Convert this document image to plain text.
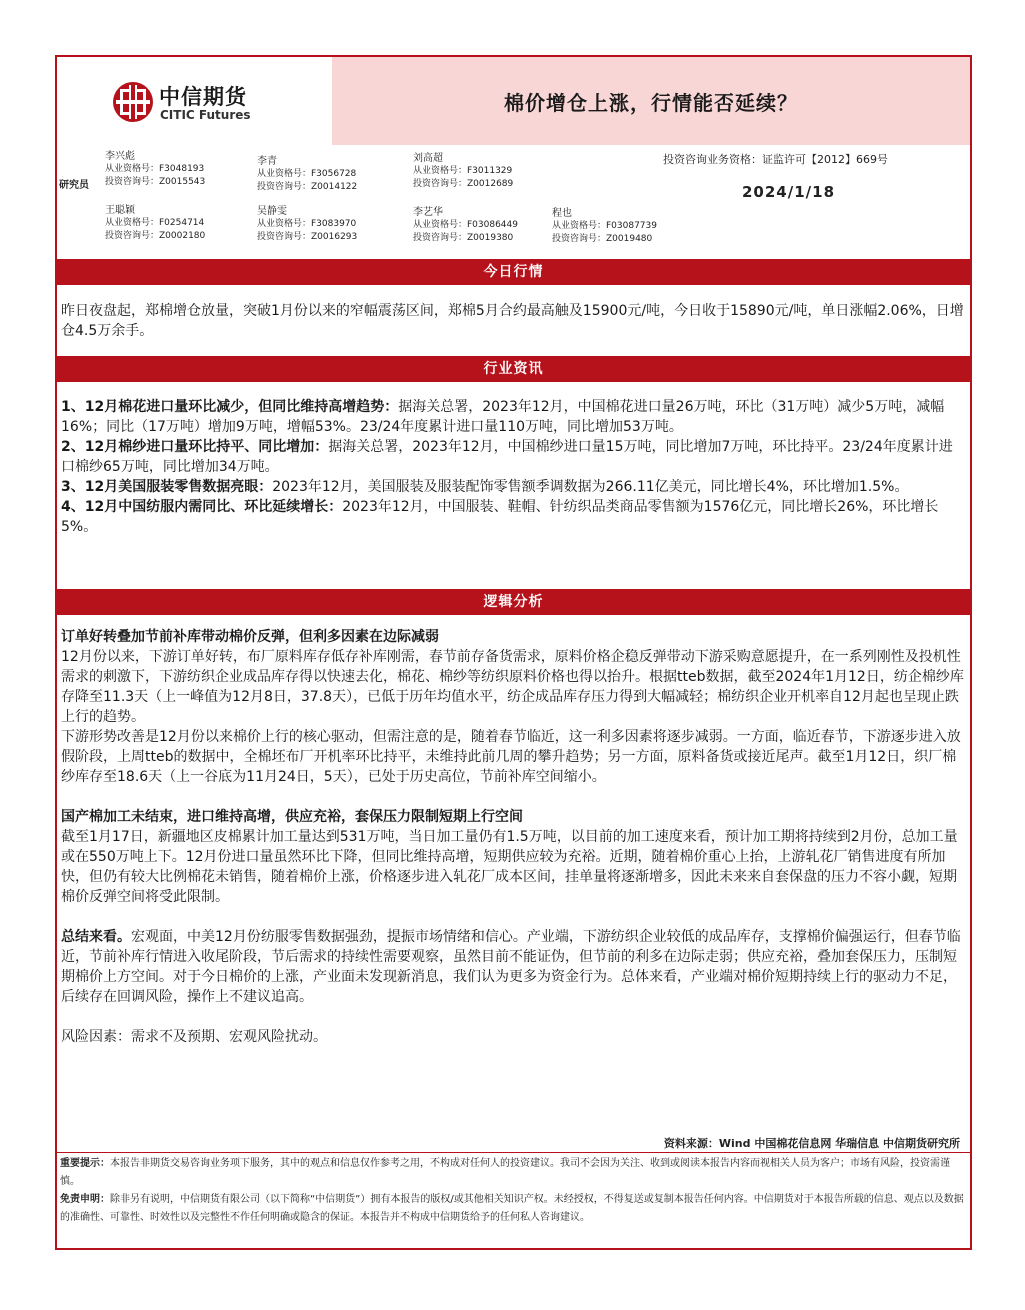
中信期货
CITIC Futures	棉价增仓上涨，行情能否延续？
投资咨询业务资格：证监许可【2012】669号
2024/1/18
研究员
李兴彪
从业资格号：F3048193
投资咨询号：Z0015543
李青
从业资格号：F3056728
投资咨询号：Z0014122
刘高超
从业资格号：F3011329
投资咨询号：Z0012689
王聪颖
从业资格号：F0254714
投资咨询号：Z0002180
吴静雯
从业资格号：F3083970
投资咨询号：Z0016293
李艺华
从业资格号：F03086449
投资咨询号：Z0019380
程也
从业资格号：F03087739
投资咨询号：Z0019480
今日行情

昨日夜盘起，郑棉增仓放量，突破1月份以来的窄幅震荡区间，郑棉5月合约最高触及15900元/吨，今日收于15890元/吨，单日涨幅2.06%，日增仓4.5万余手。

行业资讯

1、12月棉花进口量环比减少，但同比维持高增趋势：据海关总署，2023年12月，中国棉花进口量26万吨，环比（31万吨）减少5万吨，减幅16%；同比（17万吨）增加9万吨，增幅53%。23/24年度累计进口量110万吨，同比增加53万吨。

2、12月棉纱进口量环比持平、同比增加：据海关总署，2023年12月，中国棉纱进口量15万吨，同比增加7万吨，环比持平。23/24年度累计进口棉纱65万吨，同比增加34万吨。

3、12月美国服装零售数据亮眼：2023年12月，美国服装及服装配饰零售额季调数据为266.11亿美元，同比增长4%，环比增加1.5%。

4、12月中国纺服内需同比、环比延续增长：2023年12月，中国服装、鞋帽、针纺织品类商品零售额为1576亿元，同比增长26%，环比增长5%。

逻辑分析

订单好转叠加节前补库带动棉价反弹，但利多因素在边际减弱

12月份以来，下游订单好转，布厂原料库存低存补库刚需，春节前存备货需求，原料价格企稳反弹带动下游采购意愿提升，在一系列刚性及投机性需求的刺激下，下游纺织企业成品库存得以快速去化，棉花、棉纱等纺织原料价格也得以抬升。根据tteb数据，截至2024年1月12日，纺企棉纱库存降至11.3天（上一峰值为12月8日，37.8天），已低于历年均值水平，纺企成品库存压力得到大幅减轻；棉纺织企业开机率自12月起也呈现止跌上行的趋势。

下游形势改善是12月份以来棉价上行的核心驱动，但需注意的是，随着春节临近，这一利多因素将逐步减弱。一方面，临近春节，下游逐步进入放假阶段，上周tteb的数据中，全棉坯布厂开机率环比持平，未维持此前几周的攀升趋势；另一方面，原料备货或接近尾声。截至1月12日，织厂棉纱库存至18.6天（上一谷底为11月24日，5天），已处于历史高位，节前补库空间缩小。

国产棉加工未结束，进口维持高增，供应充裕，套保压力限制短期上行空间

截至1月17日，新疆地区皮棉累计加工量达到531万吨，当日加工量仍有1.5万吨，以目前的加工速度来看，预计加工期将持续到2月份，总加工量或在550万吨上下。12月份进口量虽然环比下降，但同比维持高增，短期供应较为充裕。近期，随着棉价重心上抬，上游轧花厂销售进度有所加快，但仍有较大比例棉花未销售，随着棉价上涨，价格逐步进入轧花厂成本区间，挂单量将逐渐增多，因此未来来自套保盘的压力不容小觑，短期棉价反弹空间将受此限制。

总结来看。宏观面，中美12月份纺服零售数据强劲，提振市场情绪和信心。产业端，下游纺织企业较低的成品库存，支撑棉价偏强运行，但春节临近，节前补库行情进入收尾阶段，节后需求的持续性需要观察，虽然目前不能证伪，但节前的利多在边际走弱；供应充裕，叠加套保压力，压制短期棉价上方空间。对于今日棉价的上涨，产业面未发现新消息，我们认为更多为资金行为。总体来看，产业端对棉价短期持续上行的驱动力不足，后续存在回调风险，操作上不建议追高。

风险因素：需求不及预期、宏观风险扰动。

资料来源：Wind 中国棉花信息网 华瑞信息 中信期货研究所
重要提示：本报告非期货交易咨询业务项下服务，其中的观点和信息仅作参考之用，不构成对任何人的投资建议。我司不会因为关注、收到或阅读本报告内容而视相关人员为客户；市场有风险，投资需谨慎。
免责申明：除非另有说明，中信期货有限公司（以下简称“中信期货”）拥有本报告的版权/或其他相关知识产权。未经授权，不得复送或复制本报告任何内容。中信期货对于本报告所载的信息、观点以及数据的准确性、可靠性、时效性以及完整性不作任何明确或隐含的保证。本报告并不构成中信期货给予的任何私人咨询建议。
